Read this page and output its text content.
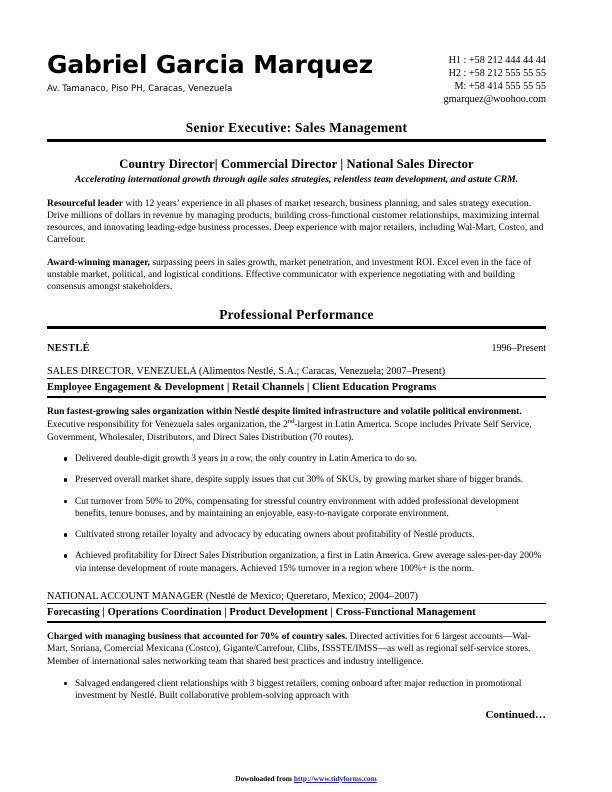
Gabriel Garcia Marquez
Av. Tamanaco, Piso PH, Caracas, Venezuela
H1 : +58 212 444 44 44
H2 : +58 212 555 55 55
M: +58 414 555 55 55
gmarquez@woohoo.com
Senior Executive: Sales Management
Country Director| Commercial Director | National Sales Director
Accelerating international growth through agile sales strategies, relentless team development, and astute CRM.

Resourceful leader with 12 years’ experience in all phases of market research, business planning, and sales strategy execution. Drive millions of dollars in revenue by managing products, building cross-functional customer relationships, maximizing internal resources, and innovating leading-edge business processes. Deep experience with major retailers, including Wal-Mart, Costco, and Carrefour.

Award-winning manager, surpassing peers in sales growth, market penetration, and investment ROI. Excel even in the face of unstable market, political, and logistical conditions. Effective communicator with experience negotiating with and building consensus amongst stakeholders.

Professional Performance
NESTLÉ	1996–Present
SALES DIRECTOR, VENEZUELA (Alimentos Nestlé, S.A.; Caracas, Venezuela; 2007–Present)
Employee Engagement & Development | Retail Channels | Client Education Programs

Run fastest-growing sales organization within Nestlé despite limited infrastructure and volatile political environment. Executive responsibility for Venezuela sales organization, the 2nd-largest in Latin America. Scope includes Private Self Service, Government, Wholesaler, Distributors, and Direct Sales Distribution (70 routes).

Delivered double-digit growth 3 years in a row, the only country in Latin America to do so.
Preserved overall market share, despite supply issues that cut 30% of SKUs, by growing market share of bigger brands.
Cut turnover from 50% to 20%, compensating for stressful country environment with added professional development benefits, tenure bonuses, and by maintaining an enjoyable, easy-to-navigate corporate environment.
Cultivated strong retailer loyalty and advocacy by educating owners about profitability of Nestlé products.
Achieved profitability for Direct Sales Distribution organization, a first in Latin America. Grew average sales-per-day 200% via intense development of route managers. Achieved 15% turnover in a region where 100%+ is the norm.
NATIONAL ACCOUNT MANAGER (Nestlé de Mexico; Queretaro, Mexico; 2004–2007)
Forecasting | Operations Coordination | Product Development | Cross-Functional Management

Charged with managing business that accounted for 70% of country sales. Directed activities for 6 largest accounts—Wal-Mart, Soriana, Comercial Mexicana (Costco), Gigante/Carrefour, Clibs, ISSSTE/IMSS—as well as regional self-service stores. Member of international sales networking team that shared best practices and industry intelligence.

Salvaged endangered client relationships with 3 biggest retailers, coming onboard after major reduction in promotional investment by Nestlé. Built collaborative problem-solving approach with
Continued…
Downloaded from http://www.tidyforms.com
